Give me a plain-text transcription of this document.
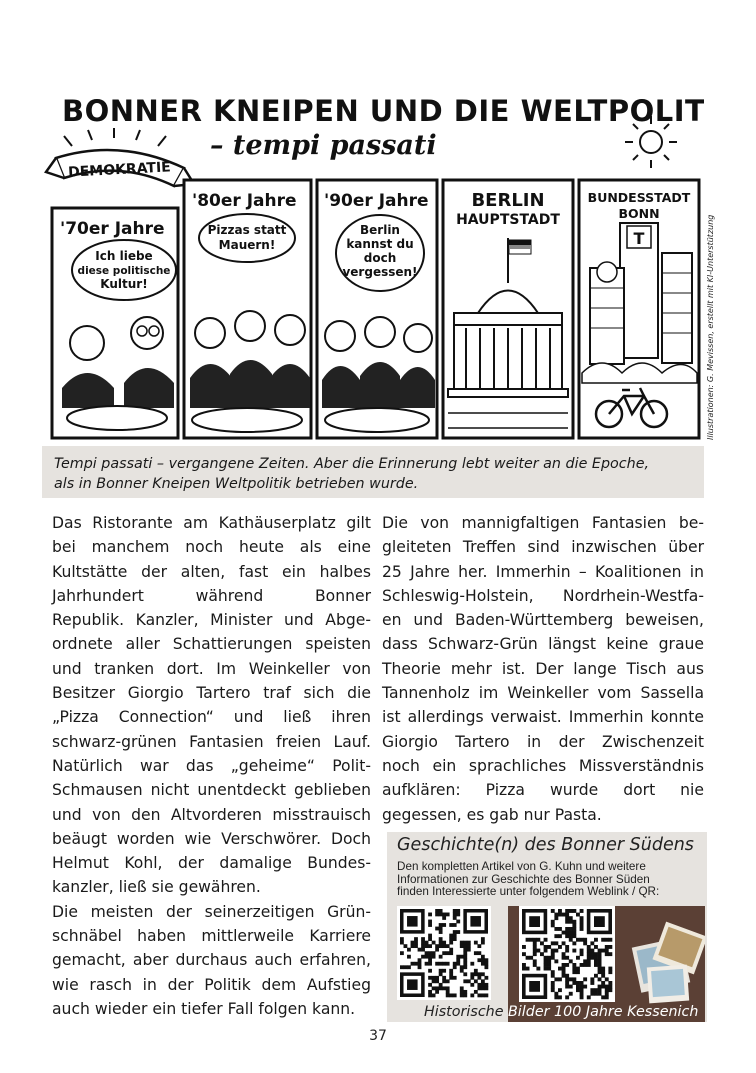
BONNER KNEIPEN UND DIE WELTPOLITIK
– tempi passati
DEMOKRATIE
'70er Jahre
Ich liebe
diese politische
Kultur!
'80er Jahre
Pizzas statt
Mauern!
'90er Jahre
Berlin
kannst du
doch
vergessen!
BERLIN
HAUPTSTADT
BUNDESSTADT
BONN
T	Illustrationen: G. Mevissen, erstellt mit KI-Unterstützung
Tempi passati – vergangene Zeiten. Aber die Erinnerung lebt weiter an die Epoche,
als in Bonner Kneipen Weltpolitik betrieben wurde.
Das Ristorante am Kathäuserplatz gilt
bei manchem noch heute als eine
Kultstätte der alten, fast ein halbes
Jahrhundert während Bonner
Republik. Kanzler, Minister und Abge-
ordnete aller Schattierungen speisten
und tranken dort. Im Weinkeller von
Besitzer Giorgio Tartero traf sich die
„Pizza Connection“ und ließ ihren
schwarz-grünen Fantasien freien Lauf.
Natürlich war das „geheime“ Polit-
Schmausen nicht unentdeckt geblieben
und von den Altvorderen misstrauisch
beäugt worden wie Verschwörer. Doch
Helmut Kohl, der damalige Bundes-
kanzler, ließ sie gewähren.
Die meisten der seinerzeitigen Grün-
schnäbel haben mittlerweile Karriere
gemacht, aber durchaus auch erfahren,
wie rasch in der Politik dem Aufstieg
auch wieder ein tiefer Fall folgen kann.
Die von mannigfaltigen Fantasien be-
gleiteten Treffen sind inzwischen über
25 Jahre her. Immerhin – Koalitionen in
Schleswig-Holstein, Nordrhein-Westfa-
en und Baden-Württemberg beweisen,
dass Schwarz-Grün längst keine graue
Theorie mehr ist. Der lange Tisch aus
Tannenholz im Weinkeller vom Sassella
ist allerdings verwaist. Immerhin konnte
Giorgio Tartero in der Zwischenzeit
noch ein sprachliches Missverständnis
aufklären: Pizza wurde dort nie
gegessen, es gab nur Pasta.
Geschichte(n) des Bonner Südens
Den kompletten Artikel von G. Kuhn und weitere
Informationen zur Geschichte des Bonner Süden
finden Interessierte unter folgendem Weblink / QR:
Historische Bilder 100 Jahre Kessenich
37
